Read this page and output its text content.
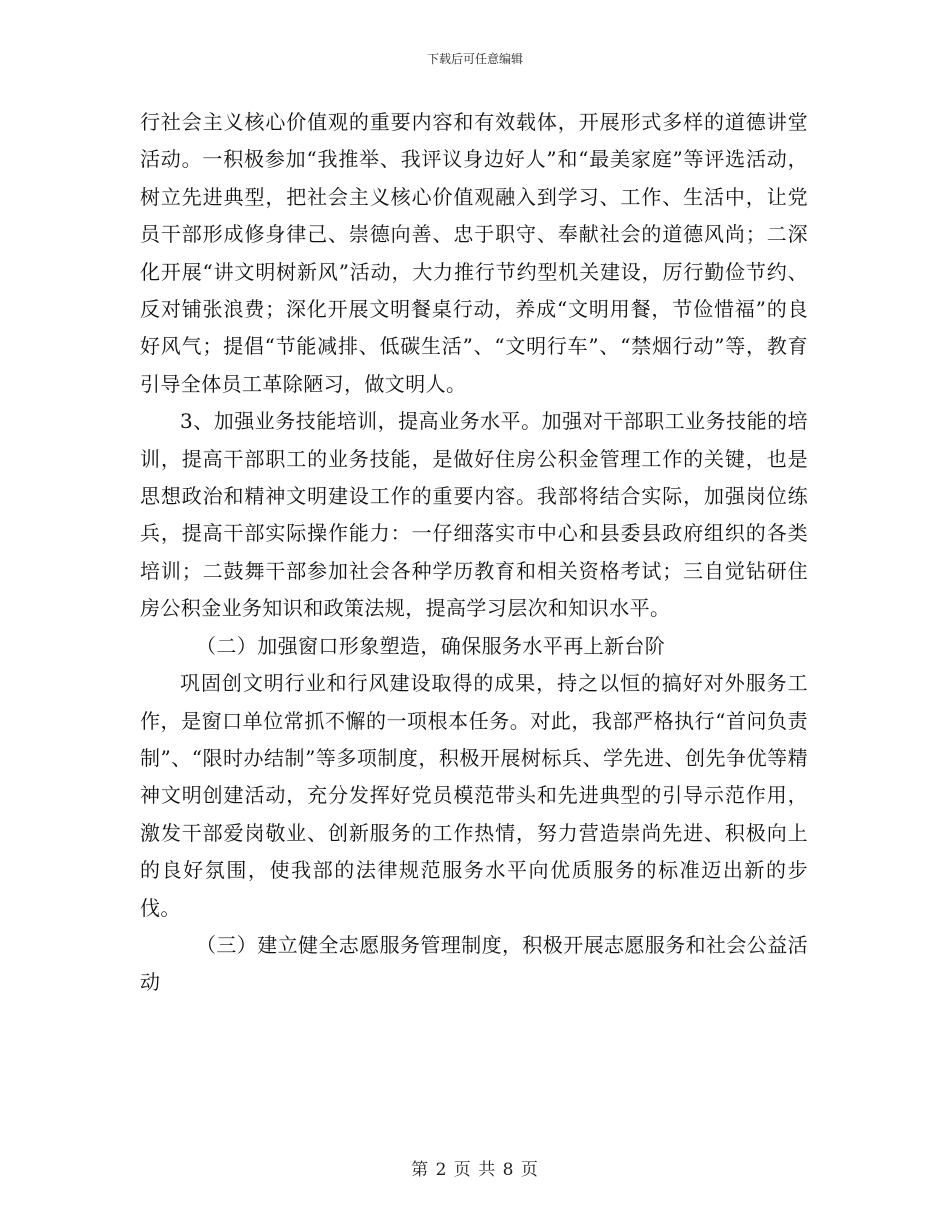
下载后可任意编辑

行社会主义核心价值观的重要内容和有效载体，开展形式多样的道德讲堂活动。一积极参加“我推举、我评议身边好人”和“最美家庭”等评选活动，树立先进典型，把社会主义核心价值观融入到学习、工作、生活中，让党员干部形成修身律己、崇德向善、忠于职守、奉献社会的道德风尚；二深化开展“讲文明树新风”活动，大力推行节约型机关建设，厉行勤俭节约、反对铺张浪费；深化开展文明餐桌行动，养成“文明用餐，节俭惜福”的良好风气；提倡“节能减排、低碳生活”、“文明行车”、“禁烟行动”等，教育引导全体员工革除陋习，做文明人。

3、加强业务技能培训，提高业务水平。加强对干部职工业务技能的培训，提高干部职工的业务技能，是做好住房公积金管理工作的关键，也是思想政治和精神文明建设工作的重要内容。我部将结合实际，加强岗位练兵，提高干部实际操作能力：一仔细落实市中心和县委县政府组织的各类培训；二鼓舞干部参加社会各种学历教育和相关资格考试；三自觉钻研住房公积金业务知识和政策法规，提高学习层次和知识水平。

（二）加强窗口形象塑造，确保服务水平再上新台阶

巩固创文明行业和行风建设取得的成果，持之以恒的搞好对外服务工作，是窗口单位常抓不懈的一项根本任务。对此，我部严格执行“首问负责制”、“限时办结制”等多项制度，积极开展树标兵、学先进、创先争优等精神文明创建活动，充分发挥好党员模范带头和先进典型的引导示范作用，激发干部爱岗敬业、创新服务的工作热情，努力营造崇尚先进、积极向上的良好氛围，使我部的法律规范服务水平向优质服务的标准迈出新的步伐。

（三）建立健全志愿服务管理制度，积极开展志愿服务和社会公益活动

第 2 页 共 8 页
